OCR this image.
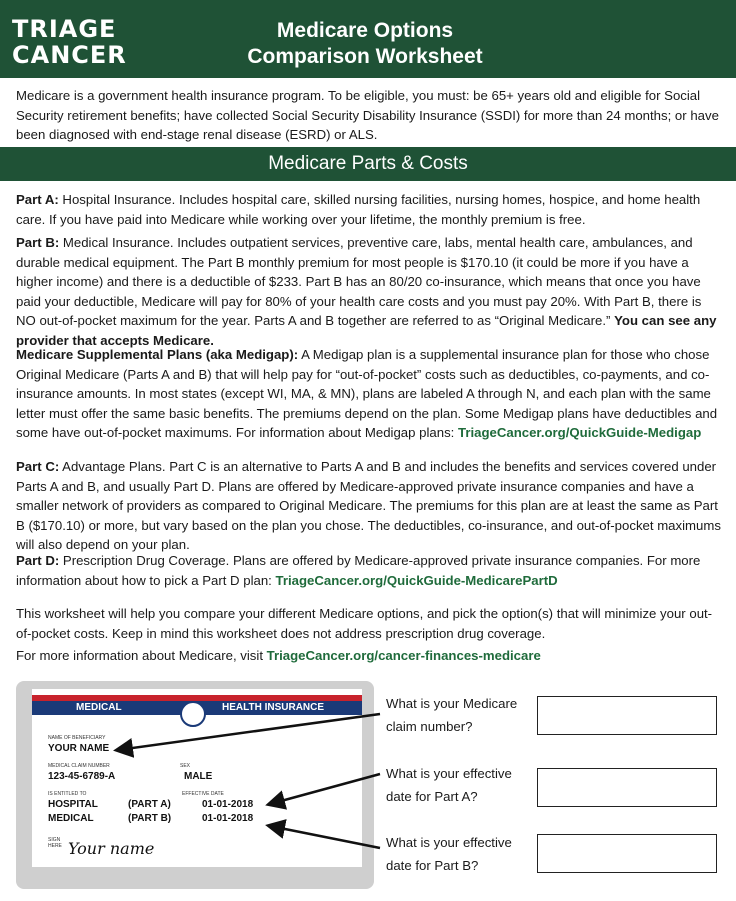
TRIAGE
CANCER
Medicare Options
Comparison Worksheet

Medicare is a government health insurance program. To be eligible, you must: be 65+ years old and eligible for Social Security retirement benefits; have collected Social Security Disability Insurance (SSDI) for more than 24 months; or have been diagnosed with end-stage renal disease (ESRD) or ALS.

Medicare Parts & Costs

Part A: Hospital Insurance. Includes hospital care, skilled nursing facilities, nursing homes, hospice, and home health care. If you have paid into Medicare while working over your lifetime, the monthly premium is free.

Part B: Medical Insurance. Includes outpatient services, preventive care, labs, mental health care, ambulances, and durable medical equipment. The Part B monthly premium for most people is $170.10 (it could be more if you have a higher income) and there is a deductible of $233. Part B has an 80/20 co-insurance, which means that once you have paid your deductible, Medicare will pay for 80% of your health care costs and you must pay 20%. With Part B, there is NO out-of-pocket maximum for the year. Parts A and B together are referred to as “Original Medicare.” You can see any provider that accepts Medicare.

Medicare Supplemental Plans (aka Medigap): A Medigap plan is a supplemental insurance plan for those who chose Original Medicare (Parts A and B) that will help pay for “out-of-pocket” costs such as deductibles, co-payments, and co-insurance amounts. In most states (except WI, MA, & MN), plans are labeled A through N, and each plan with the same letter must offer the same basic benefits. The premiums depend on the plan. Some Medigap plans have deductibles and some have out-of-pocket maximums. For information about Medigap plans: TriageCancer.org/QuickGuide-Medigap

Part C: Advantage Plans. Part C is an alternative to Parts A and B and includes the benefits and services covered under Parts A and B, and usually Part D. Plans are offered by Medicare-approved private insurance companies and have a smaller network of providers as compared to Original Medicare. The premiums for this plan are at least the same as Part B ($170.10) or more, but vary based on the plan you chose. The deductibles, co-insurance, and out-of-pocket maximums will also depend on your plan.

Part D: Prescription Drug Coverage. Plans are offered by Medicare-approved private insurance companies. For more information about how to pick a Part D plan: TriageCancer.org/QuickGuide-MedicarePartD

This worksheet will help you compare your different Medicare options, and pick the option(s) that will minimize your out-of-pocket costs. Keep in mind this worksheet does not address prescription drug coverage.

For more information about Medicare, visit TriageCancer.org/cancer-finances-medicare

MEDICAL	HEALTH INSURANCE
NAME OF BENEFICIARY
YOUR NAME
MEDICAL CLAIM NUMBER
123-45-6789-A
SEX
MALE
IS ENTITLED TO	EFFECTIVE DATE
HOSPITAL	(PART A)	01-01-2018
MEDICAL	(PART B)	01-01-2018
SIGN HERE Your name
What is your Medicare
claim number?
What is your effective
date for Part A?
What is your effective
date for Part B?
